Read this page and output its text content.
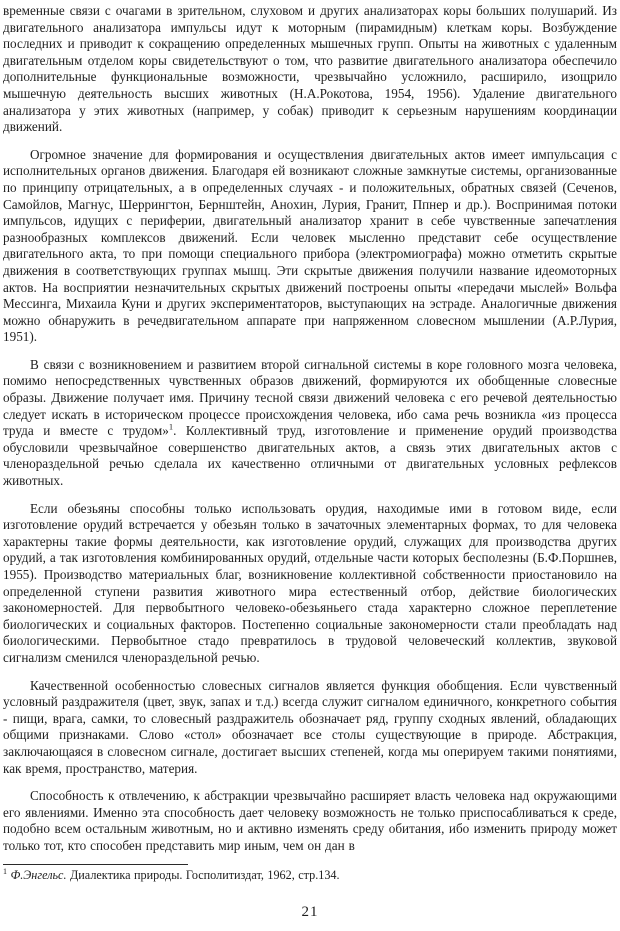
временные связи с очагами в зрительном, слуховом и других анализаторах коры больших полушарий. Из двигательного анализатора импульсы идут к моторным (пирамидным) клеткам коры. Возбуждение последних и приводит к сокращению определенных мышечных групп. Опыты на животных с удаленным двигательным отделом коры свидетельствуют о том, что развитие двигательного анализатора обеспечило дополнительные функциональные возможности, чрезвычайно усложнило, расширило, изощрило мышечную деятельность высших животных (Н.А.Рокотова, 1954, 1956). Удаление двигательного анализатора у этих животных (например, у собак) приводит к серьезным нарушениям координации движений.

Огромное значение для формирования и осуществления двигательных актов имеет импульсация с исполнительных органов движения. Благодаря ей возникают сложные замкнутые системы, организованные по принципу отрицательных, а в определенных случаях - и положительных, обратных связей (Сеченов, Самойлов, Магнус, Шеррингтон, Бернштейн, Анохин, Лурия, Гранит, Ппнер и др.). Воспринимая потоки импульсов, идущих с периферии, двигательный анализатор хранит в себе чувственные запечатления разнообразных комплексов движений. Если человек мысленно представит себе осуществление двигательного акта, то при помощи специального прибора (электромиографа) можно отметить скрытые движения в соответствующих группах мышц. Эти скрытые движения получили название идеомоторных актов. На восприятии незначительных скрытых движений построены опыты «передачи мыслей» Вольфа Мессинга, Михаила Куни и других экспериментаторов, выступающих на эстраде. Аналогичные движения можно обнаружить в речедвигательном аппарате при напряженном словесном мышлении (А.Р.Лурия, 1951).

В связи с возникновением и развитием второй сигнальной системы в коре головного мозга человека, помимо непосредственных чувственных образов движений, формируются их обобщенные словесные образы. Движение получает имя. Причину тесной связи движений человека с его речевой деятельностью следует искать в историческом процессе происхождения человека, ибо сама речь возникла «из процесса труда и вместе с трудом»$^1$. Коллективный труд, изготовление и применение орудий производства обусловили чрезвычайное совершенство двигательных актов, а связь этих двигательных актов с членораздельной речью сделала их качественно отличными от двигательных условных рефлексов животных.

Если обезьяны способны только использовать орудия, находимые ими в готовом виде, если изготовление орудий встречается у обезьян только в зачаточных элементарных формах, то для человека характерны такие формы деятельности, как изготовление орудий, служащих для производства других орудий, а так изготовления комбинированных орудий, отдельные части которых бесполезны (Б.Ф.Поршнев, 1955). Производство материальных благ, возникновение коллективной собственности приостановило на определенной ступени развития животного мира естественный отбор, действие биологических закономерностей. Для первобытного человеко-обезьяньего стада характерно сложное переплетение биологических и социальных факторов. Постепенно социальные закономерности стали преобладать над биологическими. Первобытное стадо превратилось в трудовой человеческий коллектив, звуковой сигнализм сменился членораздельной речью.

Качественной особенностью словесных сигналов является функция обобщения. Если чувственный условный раздражителя (цвет, звук, запах и т.д.) всегда служит сигналом единичного, конкретного события - пищи, врага, самки, то словесный раздражитель обозначает ряд, группу сходных явлений, обладающих общими признаками. Слово «стол» обозначает все столы существующие в природе. Абстракция, заключающаяся в словесном сигнале, достигает высших степеней, когда мы оперируем такими понятиями, как время, пространство, материя.

Способность к отвлечению, к абстракции чрезвычайно расширяет власть человека над окружающими его явлениями. Именно эта способность дает человеку возможность не только приспосабливаться к среде, подобно всем остальным животным, но и активно изменять среду обитания, ибо изменить природу может только тот, кто способен представить мир иным, чем он дан в

$^1$ Ф.Энгельс. Диалектика природы. Госполитиздат, 1962, стр.134.

21
